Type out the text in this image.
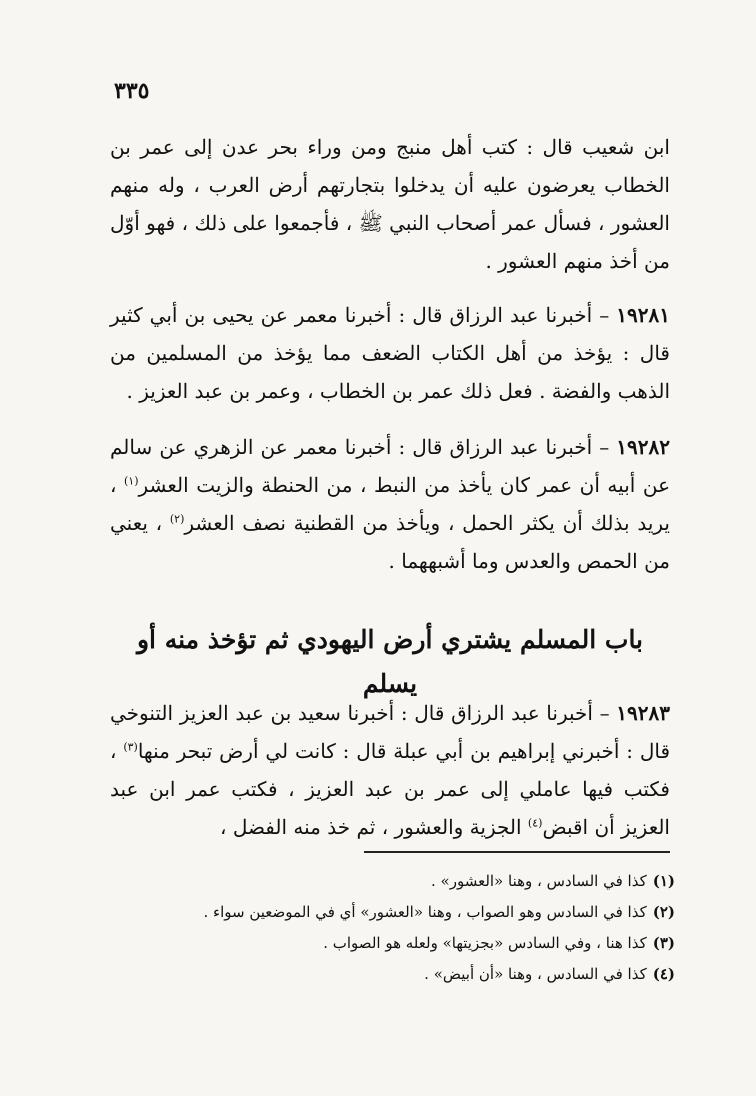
٣٣٥
ابن شعيب قال : كتب أهل منبج ومن وراء بحر عدن إلى عمر بن الخطاب يعرضون عليه أن يدخلوا بتجارتهم أرض العرب ، وله منهم العشور ، فسأل عمر أصحاب النبي ﷺ ، فأجمعوا على ذلك ، فهو أوّل من أخذ منهم العشور .
١٩٢٨١ – أخبرنا عبد الرزاق قال : أخبرنا معمر عن يحيى بن أبي كثير قال : يؤخذ من أهل الكتاب الضعف مما يؤخذ من المسلمين من الذهب والفضة . فعل ذلك عمر بن الخطاب ، وعمر بن عبد العزيز .
١٩٢٨٢ – أخبرنا عبد الرزاق قال : أخبرنا معمر عن الزهري عن سالم عن أبيه أن عمر كان يأخذ من النبط ، من الحنطة والزيت العشر$^{(١)}$ ، يريد بذلك أن يكثر الحمل ، ويأخذ من القطنية نصف العشر$^{(٢)}$ ، يعني من الحمص والعدس وما أشبههما .
باب المسلم يشتري أرض اليهودي ثم تؤخذ منه أو يسلم
١٩٢٨٣ – أخبرنا عبد الرزاق قال : أخبرنا سعيد بن عبد العزيز التنوخي قال : أخبرني إبراهيم بن أبي عبلة قال : كانت لي أرض تبحر منها$^{(٣)}$ ، فكتب فيها عاملي إلى عمر بن عبد العزيز ، فكتب عمر ابن عبد العزيز أن اقبض$^{(٤)}$ الجزية والعشور ، ثم خذ منه الفضل ،
(١)كذا في السادس ، وهنا «العشور» .
(٢)كذا في السادس وهو الصواب ، وهنا «العشور» أي في الموضعين سواء .
(٣)كذا هنا ، وفي السادس «بجزيتها» ولعله هو الصواب .
(٤)كذا في السادس ، وهنا «أن أبيض» .
